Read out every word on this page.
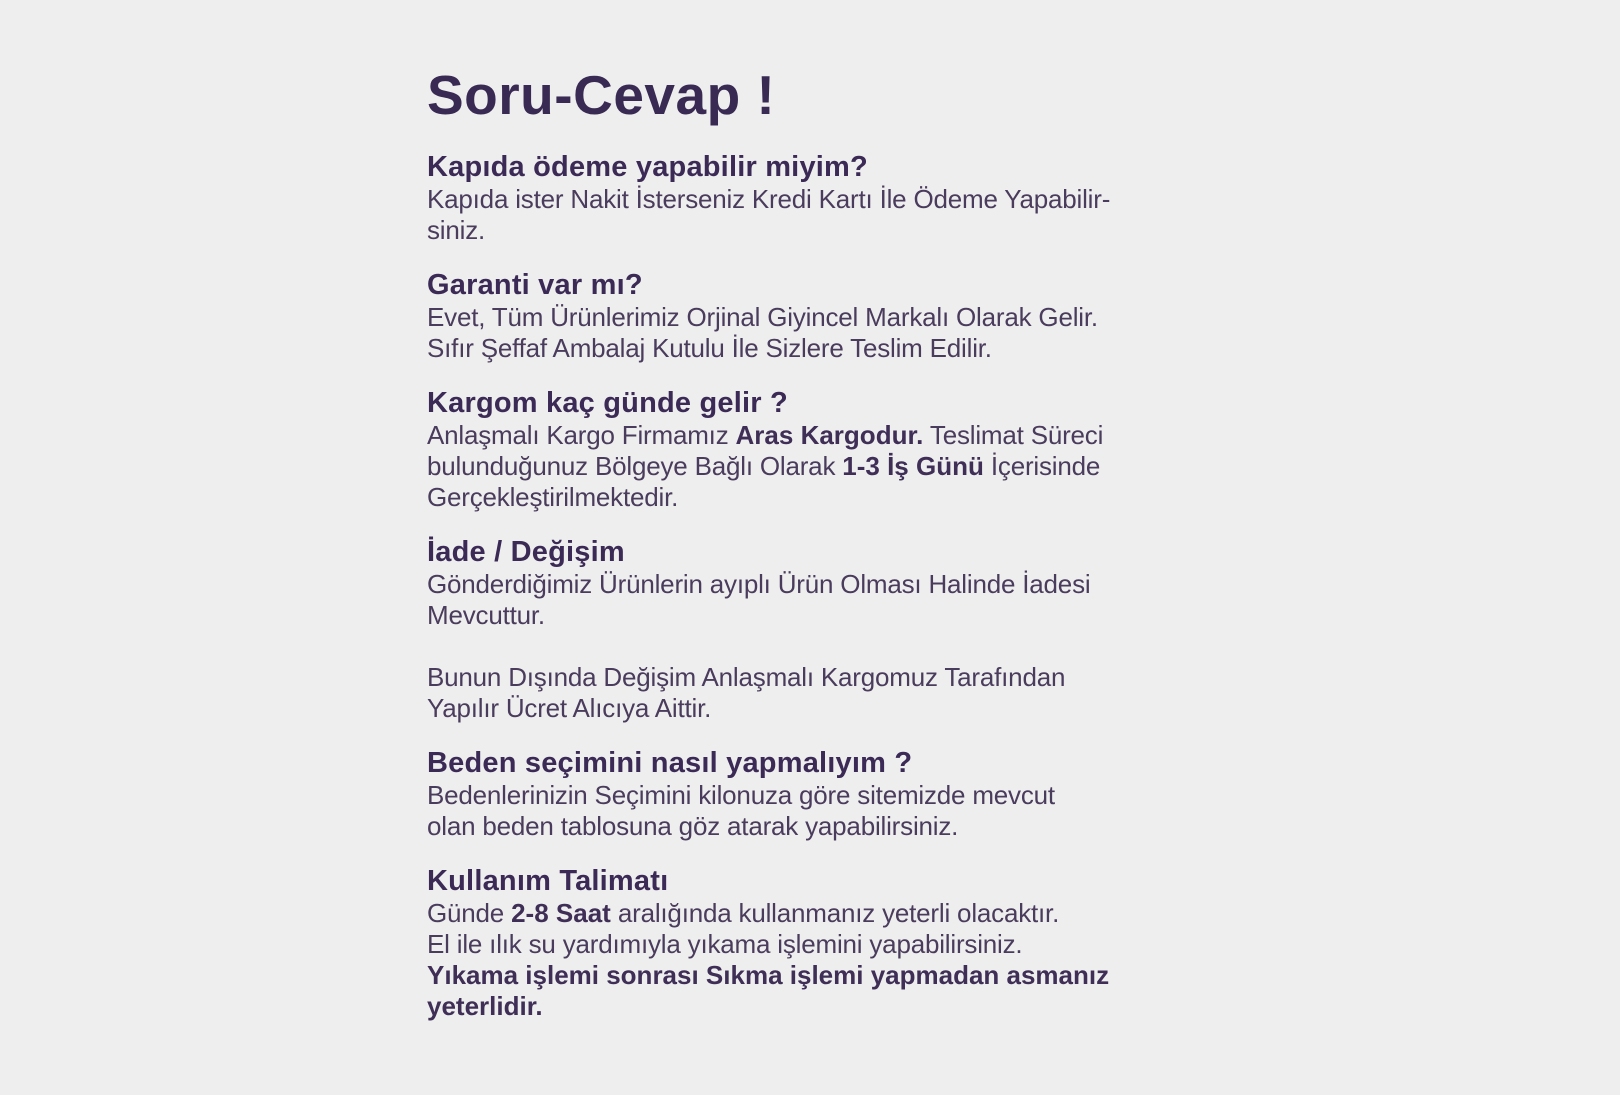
Soru-Cevap !
Kapıda ödeme yapabilir miyim?
Kapıda ister Nakit İsterseniz Kredi Kartı İle Ödeme Yapabilir-
siniz.
Garanti var mı?
Evet, Tüm Ürünlerimiz Orjinal Giyincel Markalı Olarak Gelir.
Sıfır Şeffaf Ambalaj Kutulu İle Sizlere Teslim Edilir.
Kargom kaç günde gelir ?
Anlaşmalı Kargo Firmamız Aras Kargodur. Teslimat Süreci
bulunduğunuz Bölgeye Bağlı Olarak 1-3 İş Günü İçerisinde
Gerçekleştirilmektedir.
İade / Değişim
Gönderdiğimiz Ürünlerin ayıplı Ürün Olması Halinde İadesi
Mevcuttur.
Bunun Dışında Değişim Anlaşmalı Kargomuz Tarafından
Yapılır Ücret Alıcıya Aittir.
Beden seçimini nasıl yapmalıyım ?
Bedenlerinizin Seçimini kilonuza göre sitemizde mevcut
olan beden tablosuna göz atarak yapabilirsiniz.
Kullanım Talimatı
Günde 2-8 Saat aralığında kullanmanız yeterli olacaktır.
El ile ılık su yardımıyla yıkama işlemini yapabilirsiniz.
Yıkama işlemi sonrası Sıkma işlemi yapmadan asmanız
yeterlidir.
